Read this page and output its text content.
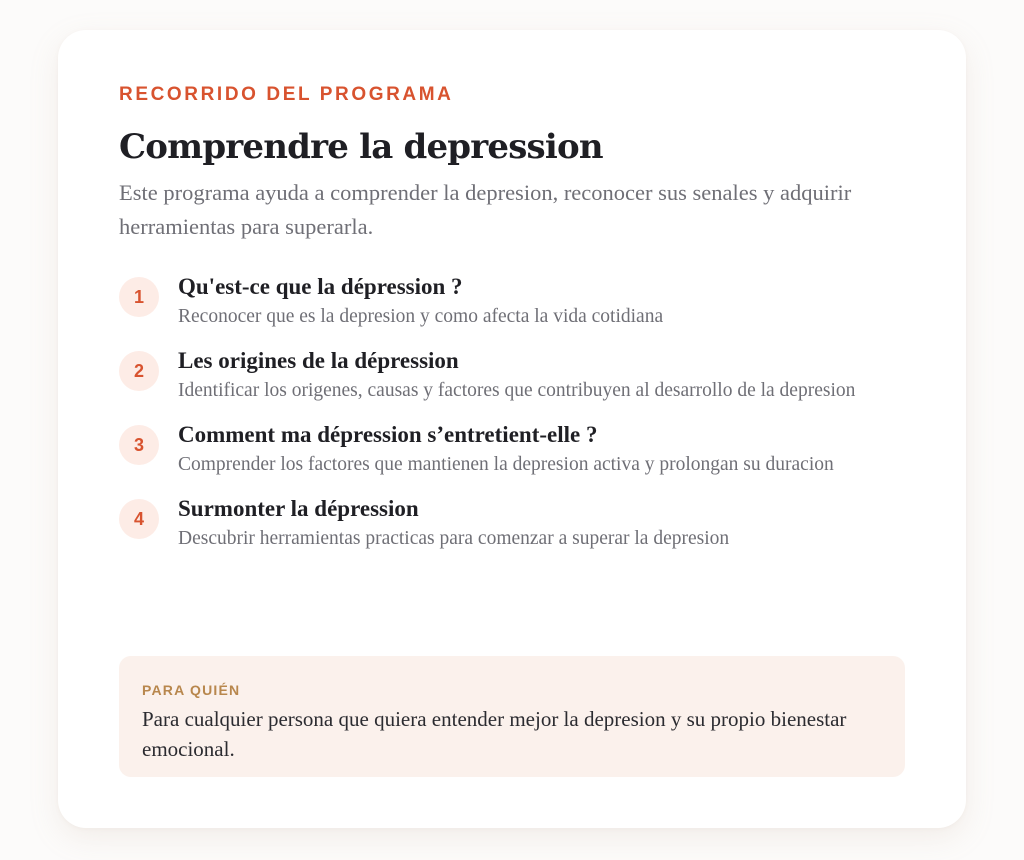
RECORRIDO DEL PROGRAMA
Comprendre la depression

Este programa ayuda a comprender la depresion, reconocer sus senales y adquirir herramientas para superarla.

1	Qu'est-ce que la dépression ?
Reconocer que es la depresion y como afecta la vida cotidiana
2	Les origines de la dépression
Identificar los origenes, causas y factores que contribuyen al desarrollo de la depresion
3	Comment ma dépression s’entretient-elle ?
Comprender los factores que mantienen la depresion activa y prolongan su duracion
4	Surmonter la dépression
Descubrir herramientas practicas para comenzar a superar la depresion
PARA QUIÉN
Para cualquier persona que quiera entender mejor la depresion y su propio bienestar emocional.
